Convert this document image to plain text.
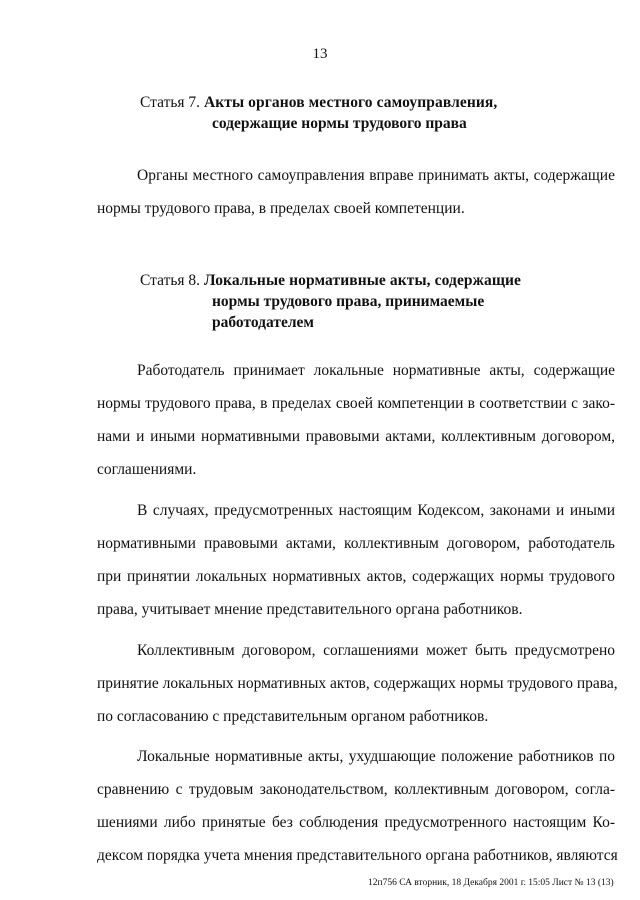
13
Статья 7. Акты органов местного самоуправления,
содержащие нормы трудового права
Органы местного самоуправления вправе принимать акты, содержащие
нормы трудового права, в пределах своей компетенции.
Статья 8. Локальные нормативные акты, содержащие
нормы трудового права, принимаемые
работодателем
Работодатель принимает локальные нормативные акты, содержащие
нормы трудового права, в пределах своей компетенции в соответствии с зако-
нами и иными нормативными правовыми актами, коллективным договором,
соглашениями.
В случаях, предусмотренных настоящим Кодексом, законами и иными
нормативными правовыми актами, коллективным договором, работодатель
при принятии локальных нормативных актов, содержащих нормы трудового
права, учитывает мнение представительного органа работников.
Коллективным договором, соглашениями может быть предусмотрено
принятие локальных нормативных актов, содержащих нормы трудового права,
по согласованию с представительным органом работников.
Локальные нормативные акты, ухудшающие положение работников по
сравнению с трудовым законодательством, коллективным договором, согла-
шениями либо принятые без соблюдения предусмотренного настоящим Ко-
дексом порядка учета мнения представительного органа работников, являются
12п756 СА вторник, 18 Декабря 2001 г. 15:05 Лист № 13 (13)
